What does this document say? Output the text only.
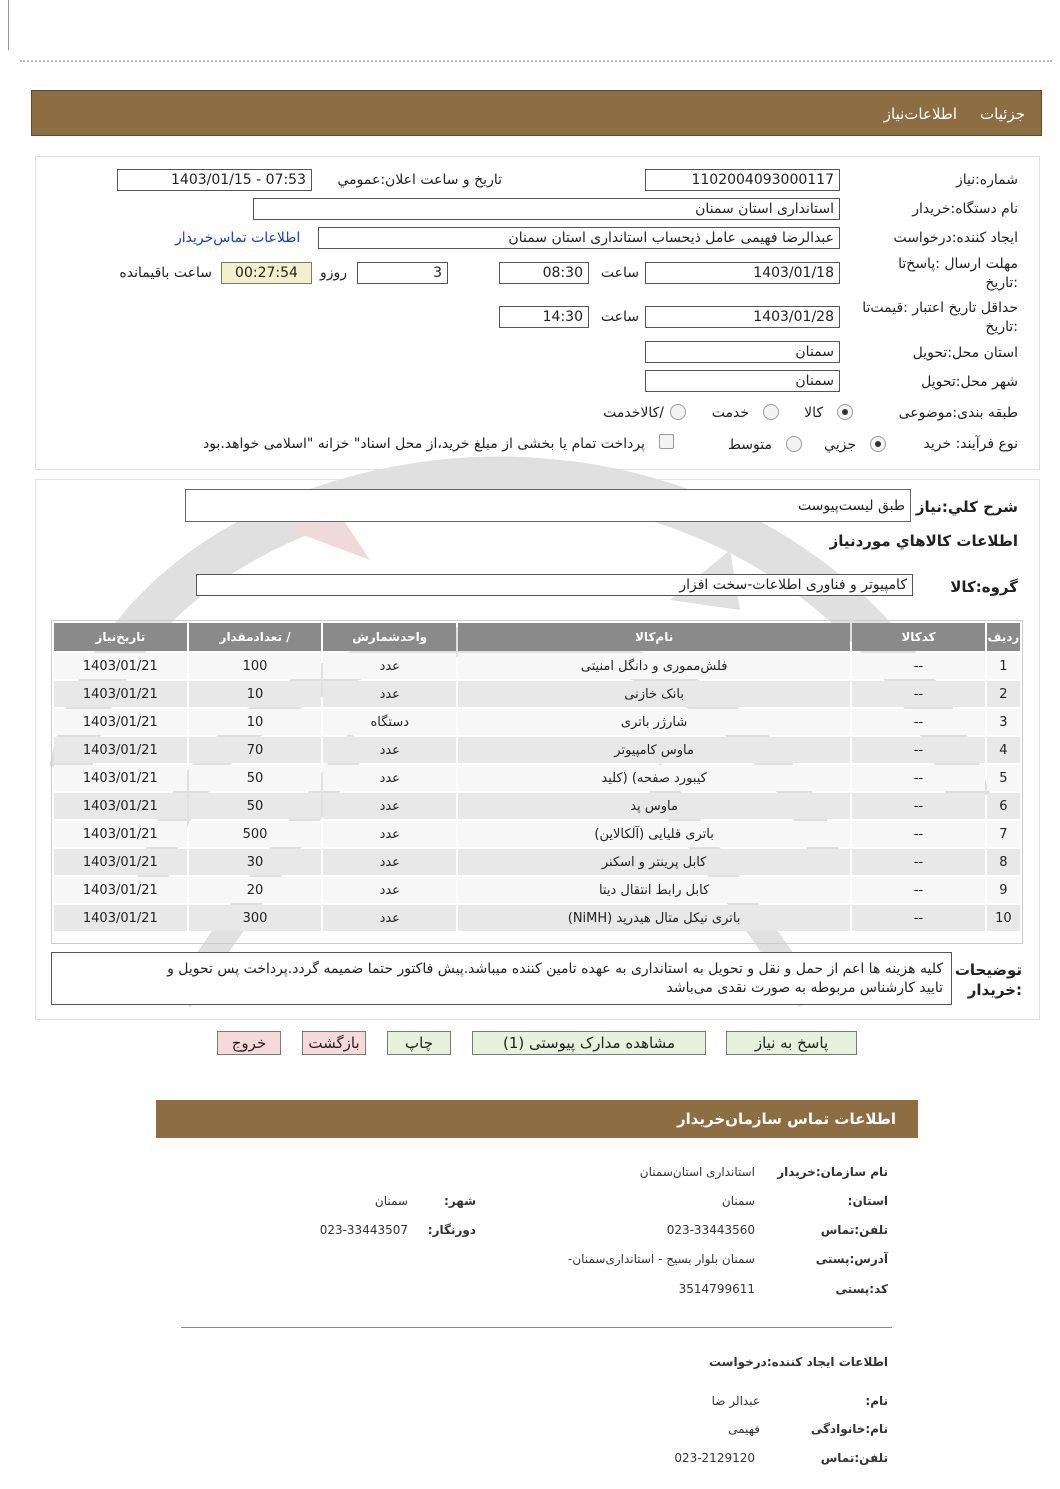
جزئیات
اطلاعات‌نیاز
شماره:نیاز
1102004093000117
تاریخ و ساعت اعلان:عمومي
1403/01/15 - 07:53
نام دستگاه:خریدار
استانداری استان سمنان
ایجاد کننده:درخواست
عبدالرضا فهیمی عامل ذیحساب استانداری استان سمنان
اطلاعات تماس‌خریدار
مهلت ارسال :پاسخ‌تا
:تاریخ
1403/01/18
ساعت
08:30
3
روزو
00:27:54
ساعت باقيمانده
حداقل تاریخ اعتبار :قیمت‌تا
:تاریخ
1403/01/28
ساعت
14:30
استان محل:تحویل
سمنان
شهر محل:تحویل
سمنان
طبقه بندی:موضوعی
کالا
خدمت
/کالاخدمت
نوع فرآیند: خرید
جزیي
متوسط
پرداخت تمام یا بخشی از مبلغ خرید،از محل اسناد" خزانه "اسلامی خواهد.بود
شرح کلي:نياز
طبق لیست‌پیوست
اطلاعات کالاهاي موردنياز
گروه:کالا
کامپیوتر و فناوری اطلاعات-سخت افزار
ردیف	کدکالا	نام‌کالا	واحدشمارش	/ تعدادمقدار	تاریخ‌نیاز
1	--	فلش‌مموری و دانگل امنیتی	عدد	100	1403/01/21
2	--	بانک خازنی	عدد	10	1403/01/21
3	--	شارژر باتری	دستگاه	10	1403/01/21
4	--	ماوس کامپیوتر	عدد	70	1403/01/21
5	--	کیبورد صفحه) (کلید	عدد	50	1403/01/21
6	--	ماوس پد	عدد	50	1403/01/21
7	--	باتری قلیایی (آلکالاین)	عدد	500	1403/01/21
8	--	کابل پرینتر و اسکنر	عدد	30	1403/01/21
9	--	کابل رابط انتقال دیتا	عدد	20	1403/01/21
10	--	باتری نیکل متال هیدرید (NiMH)	عدد	300	1403/01/21
توضیحات
:خریدار
کلیه هزینه ها اعم از حمل و نقل و تحویل به استانداری به عهده تامین کننده میباشد.پیش فاکتور حتما ضمیمه گردد.پرداخت پس تحویل و
تایید کارشناس مربوطه به صورت نقدی می‌باشد
پاسخ به نیاز
مشاهده مدارک پیوستی (1)
چاپ
بازگشت
خروج
اطلاعات تماس سازمان‌خریدار
نام سازمان:خریدار
استانداری استان‌سمنان
:استان
سمنان
:شهر
سمنان
تلفن:تماس
023-33443560
:دورنگار
023-33443507
آدرس:پستی
-سمنان بلوار بسیج - استانداری‌سمنان
کد:پستی
3514799611
اطلاعات ایجاد کننده:درخواست
:نام
عبدالر ضا
نام:خانوادگی
فهیمی
تلفن:تماس
023-2129120
